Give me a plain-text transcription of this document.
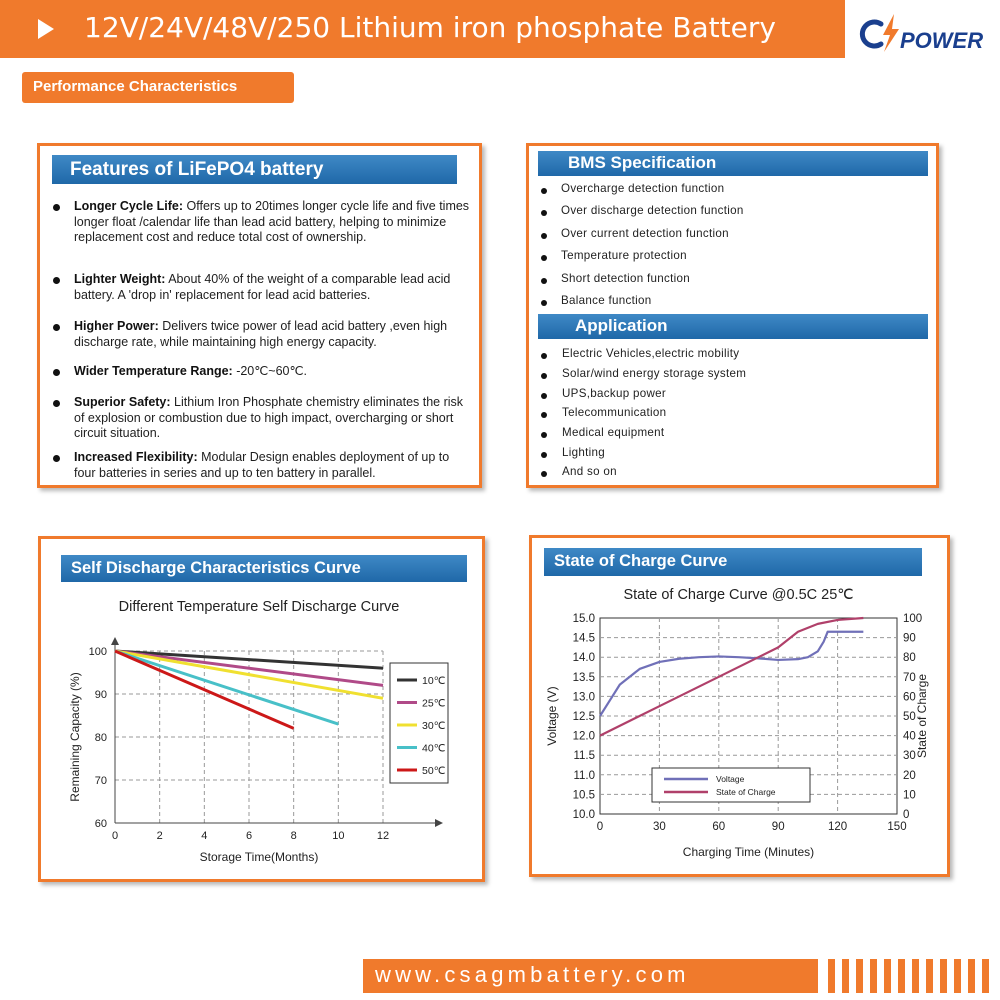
12V/24V/48V/250 Lithium iron phosphate Battery	POWER
Performance Characteristics
Features of LiFePO4 battery
Longer Cycle Life: Offers up to 20times longer cycle life and five times longer float /calendar life than lead acid battery, helping to minimize replacement cost and reduce total cost of ownership.
Lighter Weight: About 40% of the weight of a comparable lead acid battery. A 'drop in' replacement for lead acid batteries.
Higher Power: Delivers twice power of lead acid battery ,even high discharge rate, while maintaining high energy capacity.
Wider Temperature Range: -20℃~60℃.
Superior Safety: Lithium Iron Phosphate chemistry eliminates the risk of explosion or combustion due to high impact, overcharging or short circuit situation.
Increased Flexibility: Modular Design enables deployment of up to four batteries in series and up to ten battery in parallel.
BMS Specification
Overcharge detection function
Over discharge detection function
Over current detection function
Temperature protection
Short detection function
Balance function
Application
Electric Vehicles,electric mobility
Solar/wind energy storage system
UPS,backup power
Telecommunication
Medical equipment
Lighting
And so on
Self Discharge Characteristics Curve
Different Temperature Self Discharge Curve
0	2	4	6	8	10	12
60
70
80
90
100
Storage Time(Months)
Remaining Capacity (%)	10℃
25℃
30℃
40℃
50℃
State of Charge Curve
State of Charge Curve @0.5C 25℃
0	30	60	90	120	150
10.0
10.5
11.0
11.5
12.0
12.5
13.0
13.5
14.0
14.5
15.0
0
10
20
30
40
50
60
70
80
90
100
Charging Time (Minutes)
Voltage (V)	State of Charge
Voltage
State of Charge
www.csagmbattery.com
